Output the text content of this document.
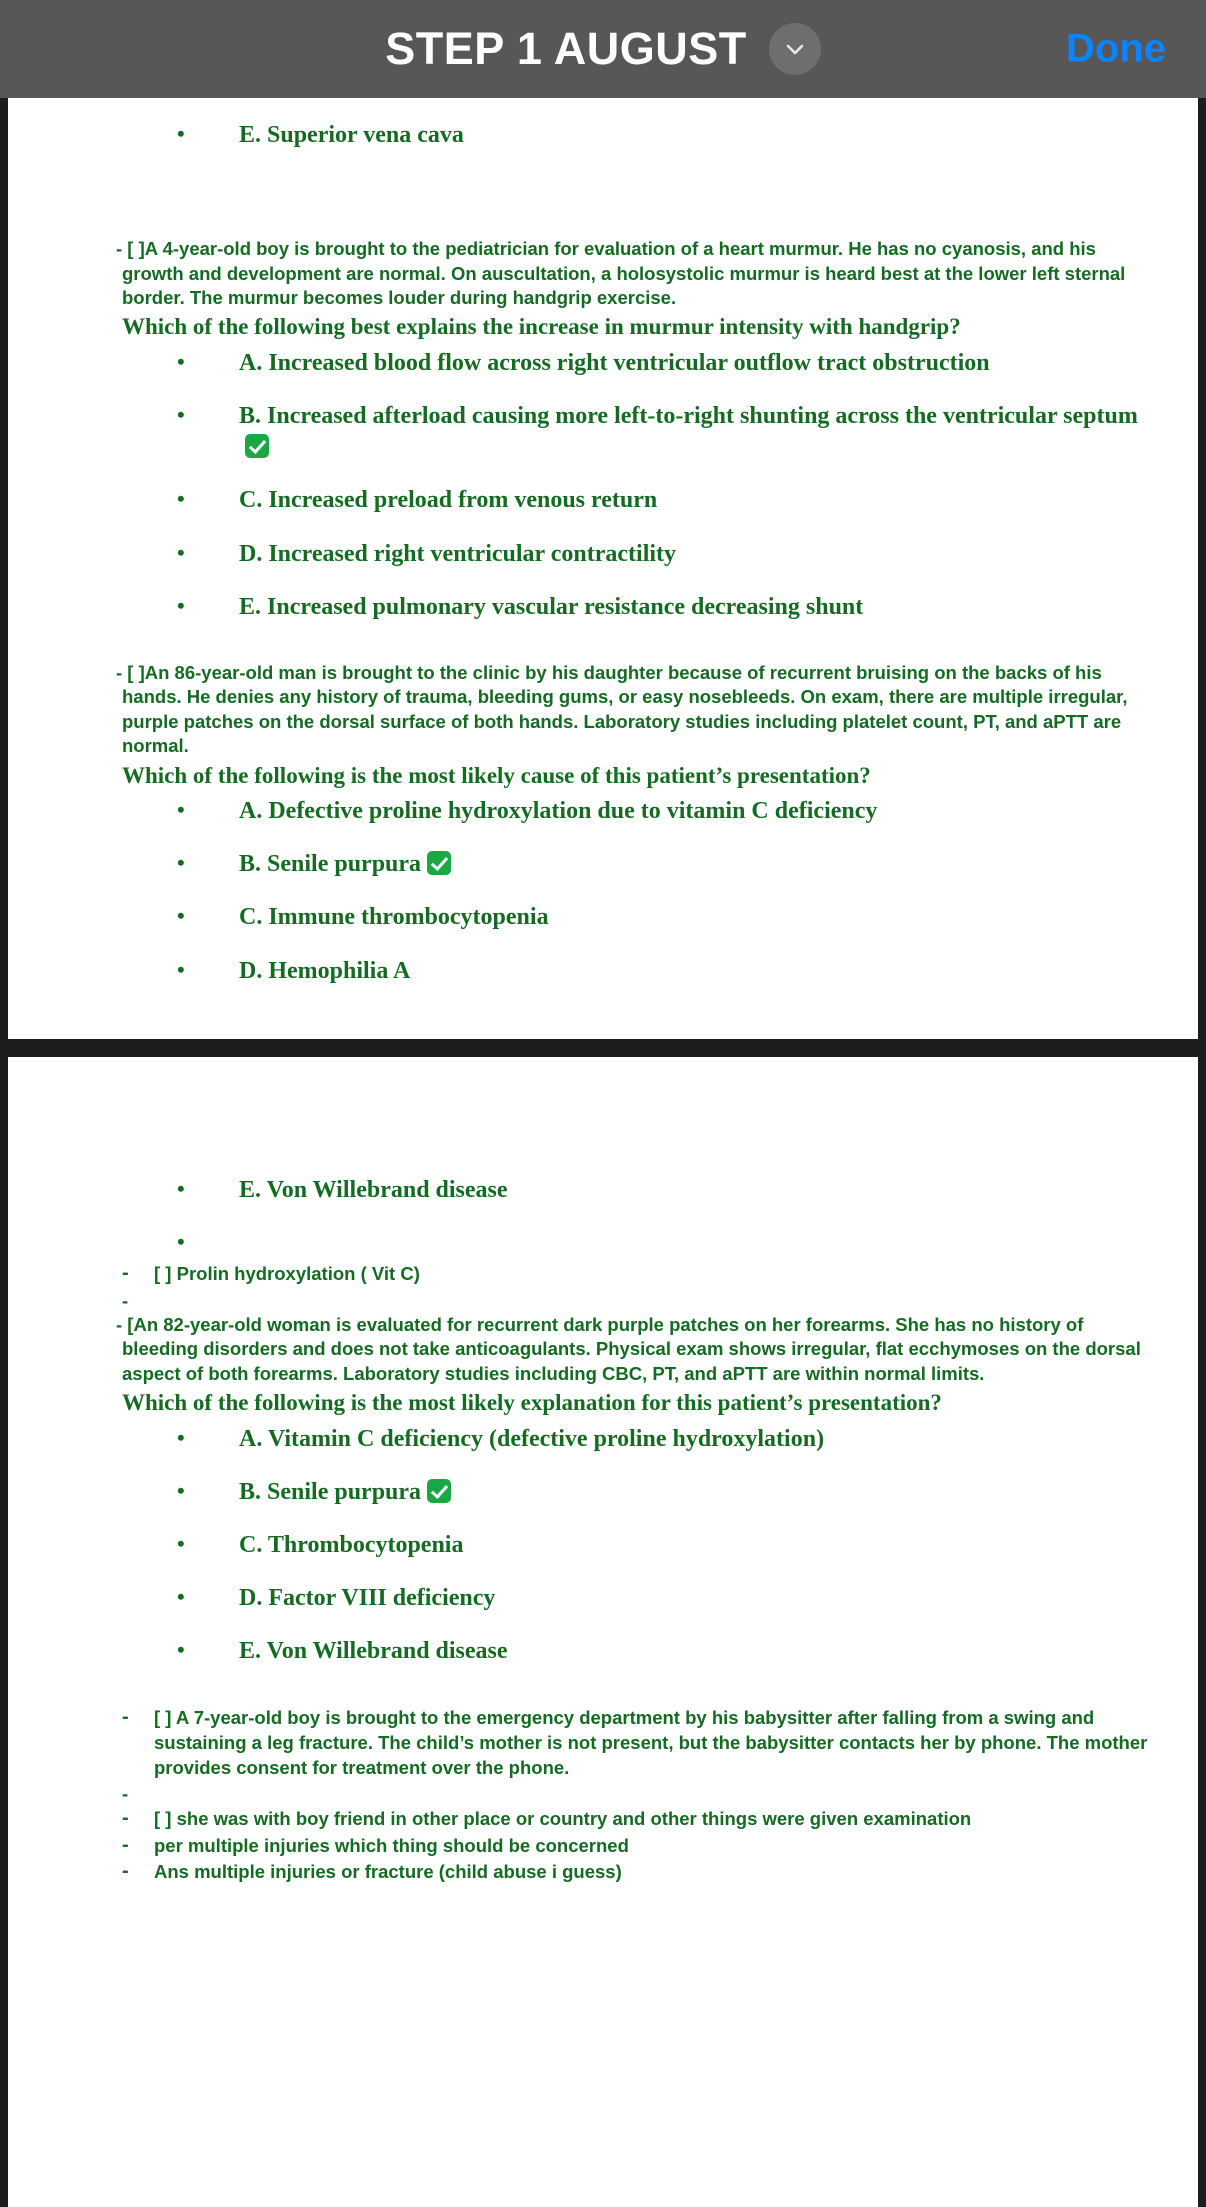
STEP 1 AUGUST	Done
• E. Superior vena cava

- [ ]A 4-year-old boy is brought to the pediatrician for evaluation of a heart murmur. He has no cyanosis, and his growth and development are normal. On auscultation, a holosystolic murmur is heard best at the lower left sternal border. The murmur becomes louder during handgrip exercise.

Which of the following best explains the increase in murmur intensity with handgrip?

• A. Increased blood flow across right ventricular outflow tract obstruction
• B. Increased afterload causing more left-to-right shunting across the ventricular septum
• C. Increased preload from venous return
• D. Increased right ventricular contractility
• E. Increased pulmonary vascular resistance decreasing shunt

- [ ]An 86-year-old man is brought to the clinic by his daughter because of recurrent bruising on the backs of his hands. He denies any history of trauma, bleeding gums, or easy nosebleeds. On exam, there are multiple irregular, purple patches on the dorsal surface of both hands. Laboratory studies including platelet count, PT, and aPTT are normal.

Which of the following is the most likely cause of this patient’s presentation?

• A. Defective proline hydroxylation due to vitamin C deficiency
• B. Senile purpura
• C. Immune thrombocytopenia
• D. Hemophilia A
• E. Von Willebrand disease
•

- [ ] Prolin hydroxylation ( Vit C)

-

- [An 82-year-old woman is evaluated for recurrent dark purple patches on her forearms. She has no history of bleeding disorders and does not take anticoagulants. Physical exam shows irregular, flat ecchymoses on the dorsal aspect of both forearms. Laboratory studies including CBC, PT, and aPTT are within normal limits.

Which of the following is the most likely explanation for this patient’s presentation?

• A. Vitamin C deficiency (defective proline hydroxylation)
• B. Senile purpura
• C. Thrombocytopenia
• D. Factor VIII deficiency
• E. Von Willebrand disease

- [ ] A 7-year-old boy is brought to the emergency department by his babysitter after falling from a swing and sustaining a leg fracture. The child’s mother is not present, but the babysitter contacts her by phone. The mother provides consent for treatment over the phone.

-

- [ ] she was with boy friend in other place or country and other things were given examination

- per multiple injuries which thing should be concerned

- Ans multiple injuries or fracture (child abuse i guess)
